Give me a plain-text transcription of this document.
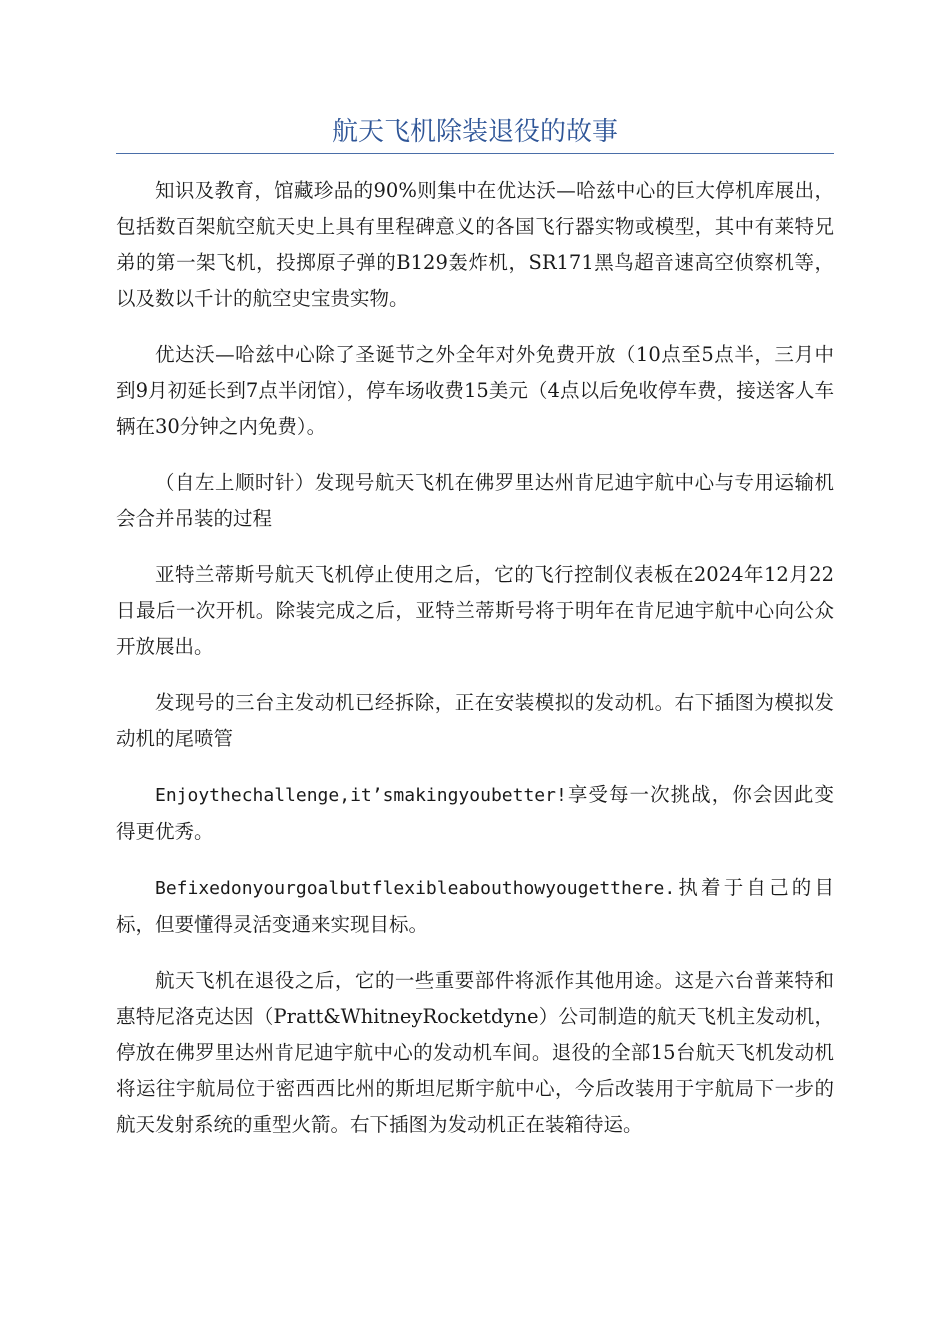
航天飞机除装退役的故事

知识及教育，馆藏珍品的90%则集中在优达沃—哈兹中心的巨大停机库展出，包括数百架航空航天史上具有里程碑意义的各国飞行器实物或模型，其中有莱特兄弟的第一架飞机，投掷原子弹的B129轰炸机，SR171黑鸟超音速高空侦察机等，以及数以千计的航空史宝贵实物。

优达沃—哈兹中心除了圣诞节之外全年对外免费开放（10点至5点半，三月中到9月初延长到7点半闭馆），停车场收费15美元（4点以后免收停车费，接送客人车辆在30分钟之内免费）。

（自左上顺时针）发现号航天飞机在佛罗里达州肯尼迪宇航中心与专用运输机会合并吊装的过程

亚特兰蒂斯号航天飞机停止使用之后，它的飞行控制仪表板在2024年12月22日最后一次开机。除装完成之后，亚特兰蒂斯号将于明年在肯尼迪宇航中心向公众开放展出。

发现号的三台主发动机已经拆除，正在安装模拟的发动机。右下插图为模拟发动机的尾喷管

Enjoythechallenge,it’smakingyoubetter!享受每一次挑战，你会因此变得更优秀。

Befixedonyourgoalbutflexibleabouthowyougetthere.执着于自己的目标，但要懂得灵活变通来实现目标。

航天飞机在退役之后，它的一些重要部件将派作其他用途。这是六台普莱特和惠特尼洛克达因（Pratt&WhitneyRocketdyne）公司制造的航天飞机主发动机，停放在佛罗里达州肯尼迪宇航中心的发动机车间。退役的全部15台航天飞机发动机将运往宇航局位于密西西比州的斯坦尼斯宇航中心，今后改装用于宇航局下一步的航天发射系统的重型火箭。右下插图为发动机正在装箱待运。
